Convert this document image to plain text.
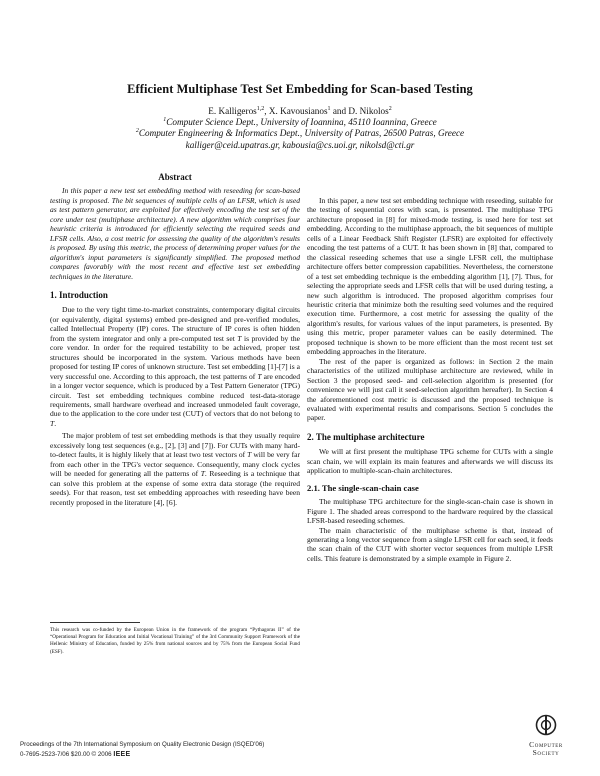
Efficient Multiphase Test Set Embedding for Scan-based Testing
E. Kalligeros$^{1,2}$, X. Kavousianos$^1$ and D. Nikolos$^2$
$^1$Computer Science Dept., University of Ioannina, 45110 Ioannina, Greece
$^2$Computer Engineering & Informatics Dept., University of Patras, 26500 Patras, Greece
kalliger@ceid.upatras.gr, kabousia@cs.uoi.gr, nikolsd@cti.gr
Abstract

In this paper a new test set embedding method with reseeding for scan-based testing is proposed. The bit sequences of multiple cells of an LFSR, which is used as test pattern generator, are exploited for effectively encoding the test set of the core under test (multiphase architecture). A new algorithm which comprises four heuristic criteria is introduced for efficiently selecting the required seeds and LFSR cells. Also, a cost metric for assessing the quality of the algorithm's results is proposed. By using this metric, the process of determining proper values for the algorithm's input parameters is significantly simplified. The proposed method compares favorably with the most recent and effective test set embedding techniques in the literature.

1. Introduction

Due to the very tight time-to-market constraints, contemporary digital circuits (or equivalently, digital systems) embed pre-designed and pre-verified modules, called Intellectual Property (IP) cores. The structure of IP cores is often hidden from the system integrator and only a pre-computed test set T is provided by the core vendor. In order for the required testability to be achieved, proper test structures should be incorporated in the system. Various methods have been proposed for testing IP cores of unknown structure. Test set embedding [1]-[7] is a very successful one. According to this approach, the test patterns of T are encoded in a longer vector sequence, which is produced by a Test Pattern Generator (TPG) circuit. Test set embedding techniques combine reduced test-data-storage requirements, small hardware overhead and increased unmodeled fault coverage, due to the application to the core under test (CUT) of vectors that do not belong to T.

The major problem of test set embedding methods is that they usually require excessively long test sequences (e.g., [2], [3] and [7]). For CUTs with many hard-to-detect faults, it is highly likely that at least two test vectors of T will be very far from each other in the TPG's vector sequence. Consequently, many clock cycles will be needed for generating all the patterns of T. Reseeding is a technique that can solve this problem at the expense of some extra data storage (the required seeds). For that reason, test set embedding approaches with reseeding have been recently proposed in the literature [4], [6].

This research was co-funded by the European Union in the framework of the program “Pythagoras II” of the “Operational Program for Education and Initial Vocational Training” of the 3rd Community Support Framework of the Hellenic Ministry of Education, funded by 25% from national sources and by 75% from the European Social Fund (ESF).

In this paper, a new test set embedding technique with reseeding, suitable for the testing of sequential cores with scan, is presented. The multiphase TPG architecture proposed in [8] for mixed-mode testing, is used here for test set embedding. According to the multiphase approach, the bit sequences of multiple cells of a Linear Feedback Shift Register (LFSR) are exploited for effectively encoding the test patterns of a CUT. It has been shown in [8] that, compared to the classical reseeding schemes that use a single LFSR cell, the multiphase architecture offers better compression capabilities. Nevertheless, the cornerstone of a test set embedding technique is the embedding algorithm [1], [7]. Thus, for selecting the appropriate seeds and LFSR cells that will be used during testing, a new such algorithm is introduced. The proposed algorithm comprises four heuristic criteria that minimize both the resulting seed volumes and the required execution time. Furthermore, a cost metric for assessing the quality of the algorithm's results, for various values of the input parameters, is presented. By using this metric, proper parameter values can be easily determined. The proposed technique is shown to be more efficient than the most recent test set embedding approaches in the literature.

The rest of the paper is organized as follows: in Section 2 the main characteristics of the utilized multiphase architecture are reviewed, while in Section 3 the proposed seed- and cell-selection algorithm is presented (for convenience we will just call it seed-selection algorithm hereafter). In Section 4 the aforementioned cost metric is discussed and the proposed technique is evaluated with experimental results and comparisons. Section 5 concludes the paper.

2. The multiphase architecture

We will at first present the multiphase TPG scheme for CUTs with a single scan chain, we will explain its main features and afterwards we will discuss its application to multiple-scan-chain architectures.

2.1. The single-scan-chain case

The multiphase TPG architecture for the single-scan-chain case is shown in Figure 1. The shaded areas correspond to the hardware required by the classical LFSR-based reseeding schemes.

The main characteristic of the multiphase scheme is that, instead of generating a long vector sequence from a single LFSR cell for each seed, it feeds the scan chain of the CUT with shorter vector sequences from multiple LFSR cells. This feature is demonstrated by a simple example in Figure 2.

Proceedings of the 7th International Symposium on Quality Electronic Design (ISQED'06)
0-7695-2523-7/06 $20.00 © 2006 IEEE
Computer
Society
